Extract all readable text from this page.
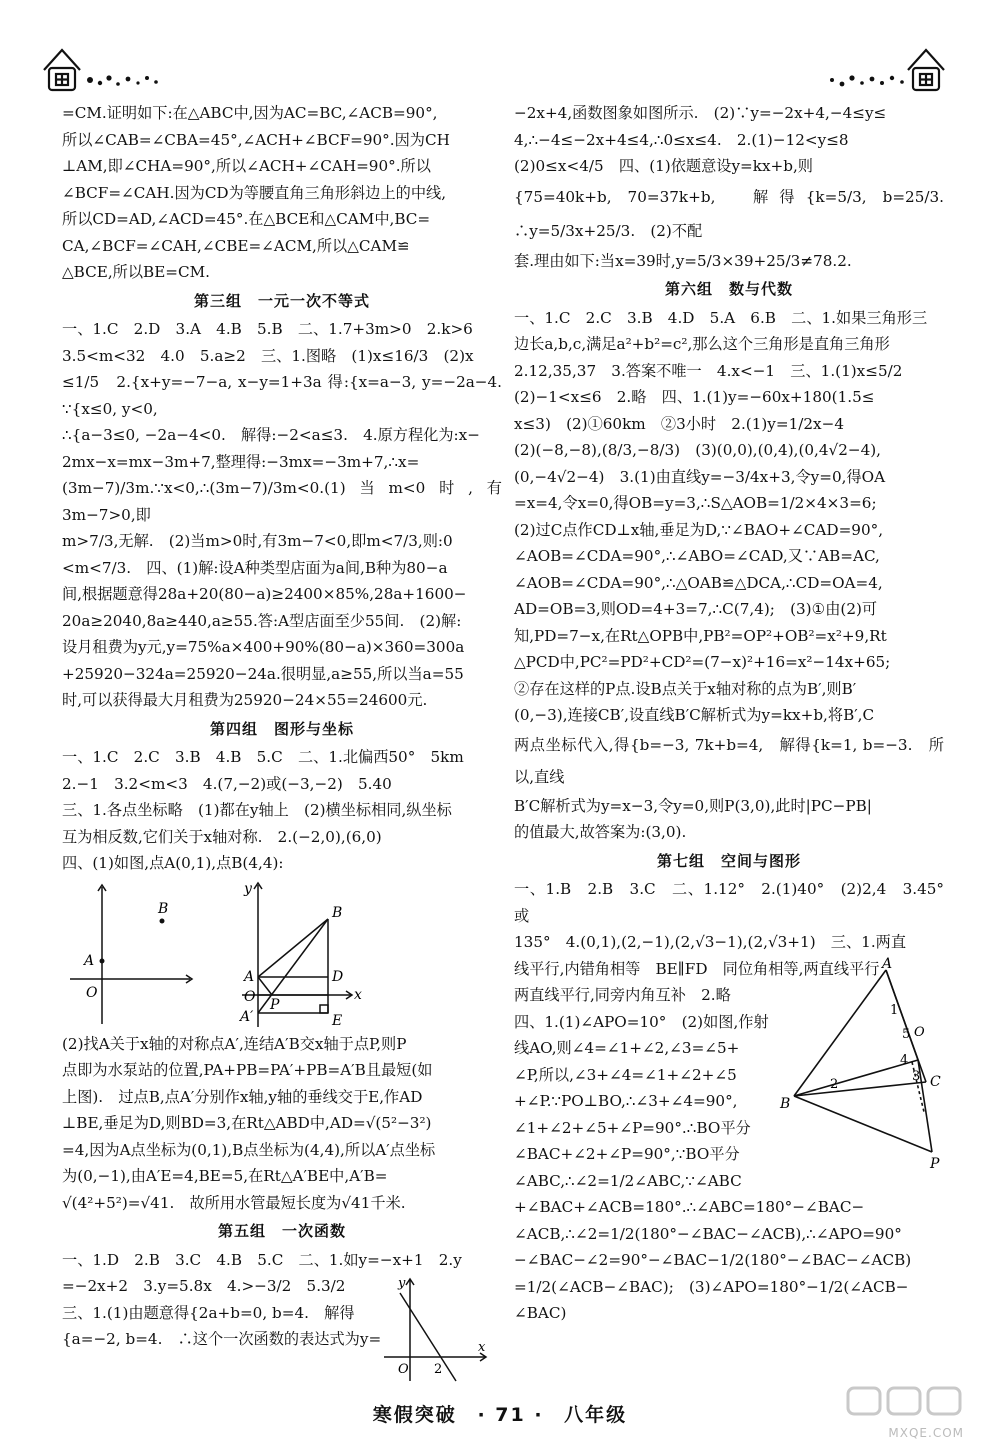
=CM.证明如下:在△ABC中,因为AC=BC,∠ACB=90°,

所以∠CAB=∠CBA=45°,∠ACH+∠BCF=90°.因为CH

⊥AM,即∠CHA=90°,所以∠ACH+∠CAH=90°.所以

∠BCF=∠CAH.因为CD为等腰直角三角形斜边上的中线,

所以CD=AD,∠ACD=45°.在△BCE和△CAM中,BC=

CA,∠BCF=∠CAH,∠CBE=∠ACM,所以△CAM≌

△BCE,所以BE=CM.

第三组　一元一次不等式

一、1.C　2.D　3.A　4.B　5.B　二、1.7+3m>0　2.k>6

3.5<m<32　4.0　5.a≥2　三、1.图略　(1)x≤16/3　(2)x

≤1/5　2.{x+y=−7−a, x−y=1+3a 得:{x=a−3, y=−2a−4. ∵{x≤0, y<0,

∴{a−3≤0, −2a−4<0.　解得:−2<a≤3.　4.原方程化为:x−

2mx−x=mx−3m+7,整理得:−3mx=−3m+7,∴x=

(3m−7)/3m.∵x<0,∴(3m−7)/3m<0.(1)当m<0时,有3m−7>0,即

m>7/3,无解.　(2)当m>0时,有3m−7<0,即m<7/3,则:0

<m<7/3.　四、(1)解:设A种类型店面为a间,B种为80−a

间,根据题意得28a+20(80−a)≥2400×85%,28a+1600−

20a≥2040,8a≥440,a≥55.答:A型店面至少55间.　(2)解:

设月租费为y元,y=75%a×400+90%(80−a)×360=300a

+25920−324a=25920−24a.很明显,a≥55,所以当a=55

时,可以获得最大月租费为25920−24×55=24600元.

第四组　图形与坐标

一、1.C　2.C　3.B　4.B　5.C　二、1.北偏西50°　5km

2.−1　3.2<m<3　4.(7,−2)或(−3,−2)　5.40

三、1.各点坐标略　(1)都在y轴上　(2)横坐标相同,纵坐标

互为相反数,它们关于x轴对称.　2.(−2,0),(6,0)

四、(1)如图,点A(0,1),点B(4,4):

B
A
O
y
B
A	D
O P
x
A′	E

(2)找A关于x轴的对称点A′,连结A′B交x轴于点P,则P

点即为水泵站的位置,PA+PB=PA′+PB=A′B且最短(如

上图).　过点B,点A′分别作x轴,y轴的垂线交于E,作AD

⊥BE,垂足为D,则BD=3,在Rt△ABD中,AD=√(5²−3²)

=4,因为A点坐标为(0,1),B点坐标为(4,4),所以A′点坐标

为(0,−1),由A′E=4,BE=5,在Rt△A′BE中,A′B=

√(4²+5²)=√41.　故所用水管最短长度为√41千米.

第五组　一次函数

一、1.D　2.B　3.C　4.B　5.C　二、1.如y=−x+1　2.y

=−2x+2　3.y=5.8x　4.>−3/2　5.3/2

三、1.(1)由题意得{2a+b=0, b=4.　解得

{a=−2, b=4.　∴这个一次函数的表达式为y=

y
O 2
x

−2x+4,函数图象如图所示.　(2)∵y=−2x+4,−4≤y≤

4,∴−4≤−2x+4≤4,∴0≤x≤4.　2.(1)−12<y≤8

(2)0≤x<4/5　四、(1)依题意设y=kx+b,则

{75=40k+b, 70=37k+b,　解得{k=5/3, b=25/3.　∴y=5/3x+25/3.　(2)不配

套.理由如下:当x=39时,y=5/3×39+25/3≠78.2.

第六组　数与代数

一、1.C　2.C　3.B　4.D　5.A　6.B　二、1.如果三角形三

边长a,b,c,满足a²+b²=c²,那么这个三角形是直角三角形

2.12,35,37　3.答案不唯一　4.x<−1　三、1.(1)x≤5/2

(2)−1<x≤6　2.略　四、1.(1)y=−60x+180(1.5≤

x≤3)　(2)①60km　②3小时　2.(1)y=1/2x−4

(2)(−8,−8),(8/3,−8/3)　(3)(0,0),(0,4),(0,4√2−4),

(0,−4√2−4)　3.(1)由直线y=−3/4x+3,令y=0,得OA

=x=4,令x=0,得OB=y=3,∴S△AOB=1/2×4×3=6;

(2)过C点作CD⊥x轴,垂足为D,∵∠BAO+∠CAD=90°,

∠AOB=∠CDA=90°,∴∠ABO=∠CAD,又∵AB=AC,

∠AOB=∠CDA=90°,∴△OAB≌△DCA,∴CD=OA=4,

AD=OB=3,则OD=4+3=7,∴C(7,4);　(3)①由(2)可

知,PD=7−x,在Rt△OPB中,PB²=OP²+OB²=x²+9,Rt

△PCD中,PC²=PD²+CD²=(7−x)²+16=x²−14x+65;

②存在这样的P点.设B点关于x轴对称的点为B′,则B′

(0,−3),连接CB′,设直线B′C解析式为y=kx+b,将B′,C

两点坐标代入,得{b=−3, 7k+b=4,　解得{k=1, b=−3.　所以,直线

B′C解析式为y=x−3,令y=0,则P(3,0),此时|PC−PB|

的值最大,故答案为:(3,0).

第七组　空间与图形

一、1.B　2.B　3.C　二、1.12°　2.(1)40°　(2)2,4　3.45°或

135°　4.(0,1),(2,−1),(2,√3−1),(2,√3+1)　三、1.两直

线平行,内错角相等　BE∥FD　同位角相等,两直线平行

两直线平行,同旁内角互补　2.略

四、1.(1)∠APO=10°　(2)如图,作射

线AO,则∠4=∠1+∠2,∠3=∠5+

∠P,所以,∠3+∠4=∠1+∠2+∠5

+∠P.∵PO⊥BO,∴∠3+∠4=90°,

∠1+∠2+∠5+∠P=90°.∴BO平分

∠BAC+∠2+∠P=90°,∵BO平分

∠ABC,∴∠2=1/2∠ABC,∵∠ABC

+∠BAC+∠ACB=180°.∴∠ABC=180°−∠BAC−

∠ACB,∴∠2=1/2(180°−∠BAC−∠ACB),∴∠APO=90°

−∠BAC−∠2=90°−∠BAC−1/2(180°−∠BAC−∠ACB)

=1/2(∠ACB−∠BAC);　(3)∠APO=180°−1/2(∠ACB−

∠BAC)

A
B
C
P
1
2
3
4
5 O
寒假突破 · 71 · 八年级
MXQE.COM
